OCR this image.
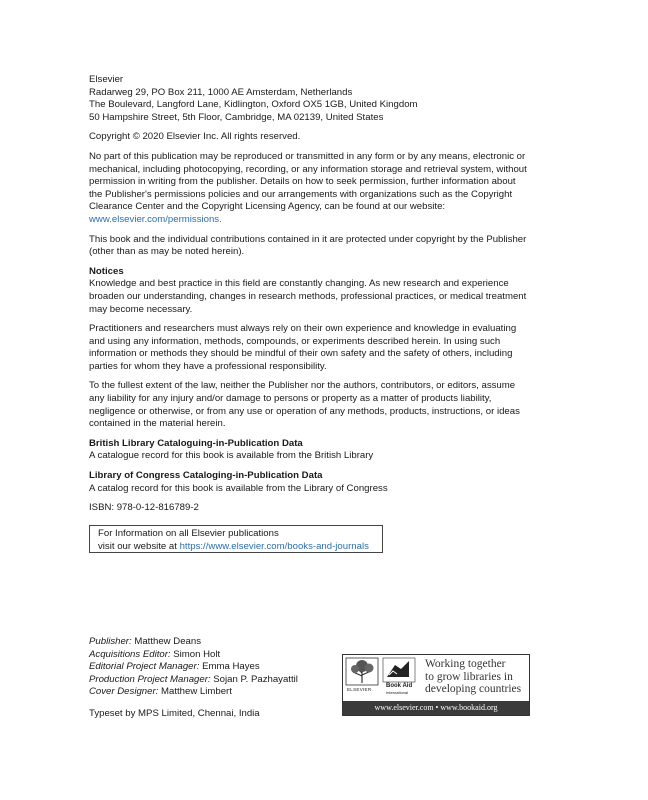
Elsevier

Radarweg 29, PO Box 211, 1000 AE Amsterdam, Netherlands

The Boulevard, Langford Lane, Kidlington, Oxford OX5 1GB, United Kingdom

50 Hampshire Street, 5th Floor, Cambridge, MA 02139, United States

Copyright © 2020 Elsevier Inc. All rights reserved.

No part of this publication may be reproduced or transmitted in any form or by any means, electronic or mechanical, including photocopying, recording, or any information storage and retrieval system, without permission in writing from the publisher. Details on how to seek permission, further information about the Publisher's permissions policies and our arrangements with organizations such as the Copyright Clearance Center and the Copyright Licensing Agency, can be found at our website: www.elsevier.com/permissions.

This book and the individual contributions contained in it are protected under copyright by the Publisher (other than as may be noted herein).

Notices

Knowledge and best practice in this field are constantly changing. As new research and experience broaden our understanding, changes in research methods, professional practices, or medical treatment may become necessary.

Practitioners and researchers must always rely on their own experience and knowledge in evaluating and using any information, methods, compounds, or experiments described herein. In using such information or methods they should be mindful of their own safety and the safety of others, including parties for whom they have a professional responsibility.

To the fullest extent of the law, neither the Publisher nor the authors, contributors, or editors, assume any liability for any injury and/or damage to persons or property as a matter of products liability, negligence or otherwise, or from any use or operation of any methods, products, instructions, or ideas contained in the material herein.

British Library Cataloguing-in-Publication Data

A catalogue record for this book is available from the British Library

Library of Congress Cataloging-in-Publication Data

A catalog record for this book is available from the Library of Congress

ISBN: 978-0-12-816789-2

For Information on all Elsevier publications
visit our website at https://www.elsevier.com/books-and-journals
Publisher: Matthew Deans
Acquisitions Editor: Simon Holt
Editorial Project Manager: Emma Hayes
Production Project Manager: Sojan P. Pazhayattil
Cover Designer: Matthew Limbert
Typeset by MPS Limited, Chennai, India
ELSEVIER
Book Aid
International
Working together
to grow libraries in
developing countries
www.elsevier.com • www.bookaid.org
